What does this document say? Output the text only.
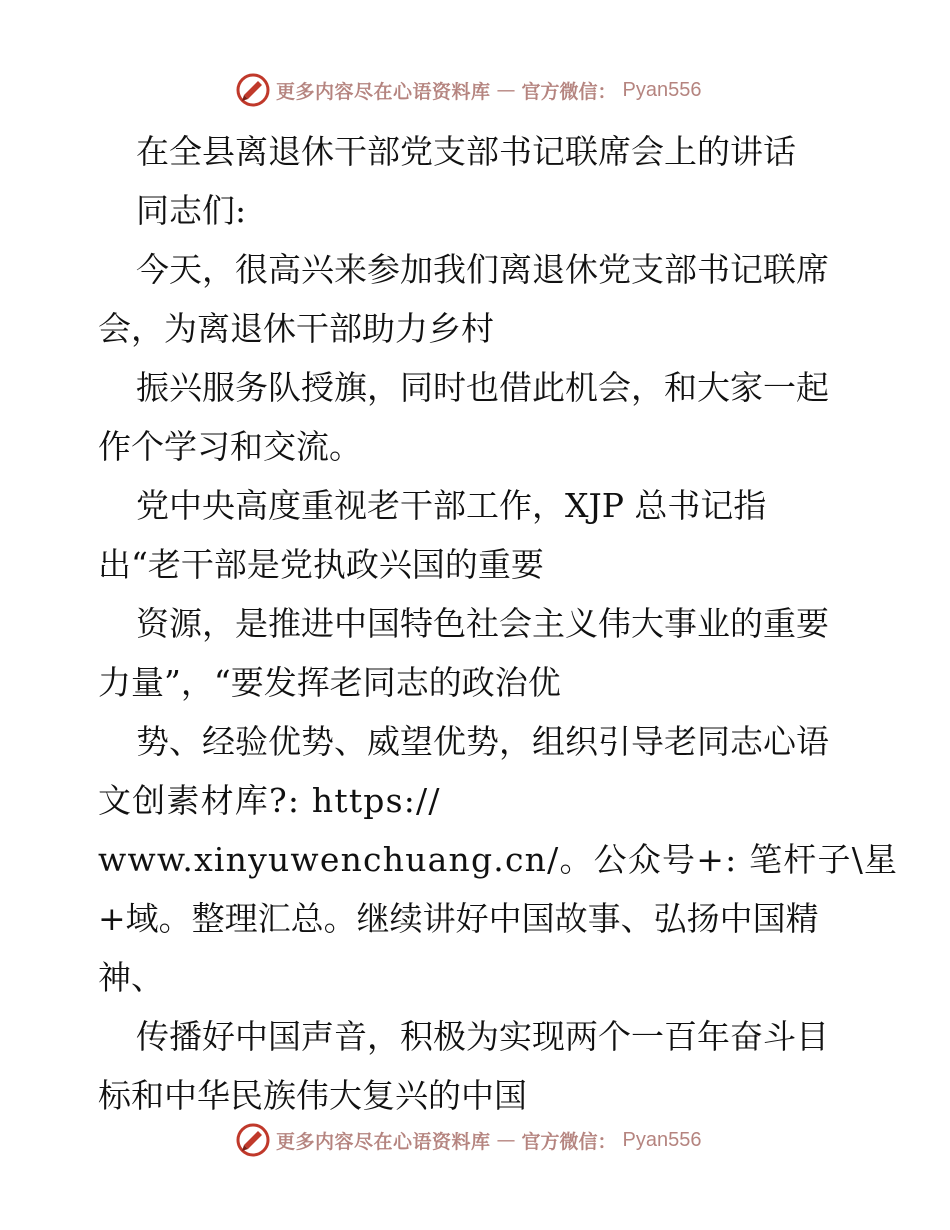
更多内容尽在心语资料库 — 官方微信： Pyan556
在全县离退休干部党支部书记联席会上的讲话
同志们:
今天，很高兴来参加我们离退休党支部书记联席
会，为离退休干部助力乡村
振兴服务队授旗，同时也借此机会，和大家一起
作个学习和交流。
党中央高度重视老干部工作，XJP 总书记指
出“老干部是党执政兴国的重要
资源，是推进中国特色社会主义伟大事业的重要
力量”，“要发挥老同志的政治优
势、经验优势、威望优势，组织引导老同志心语
文创素材库?: https://
www.xinyuwenchuang.cn/。公众号+: 笔杆子\星
+域。整理汇总。继续讲好中国故事、弘扬中国精
神、
传播好中国声音，积极为实现两个一百年奋斗目
标和中华民族伟大复兴的中国
更多内容尽在心语资料库 — 官方微信： Pyan556
